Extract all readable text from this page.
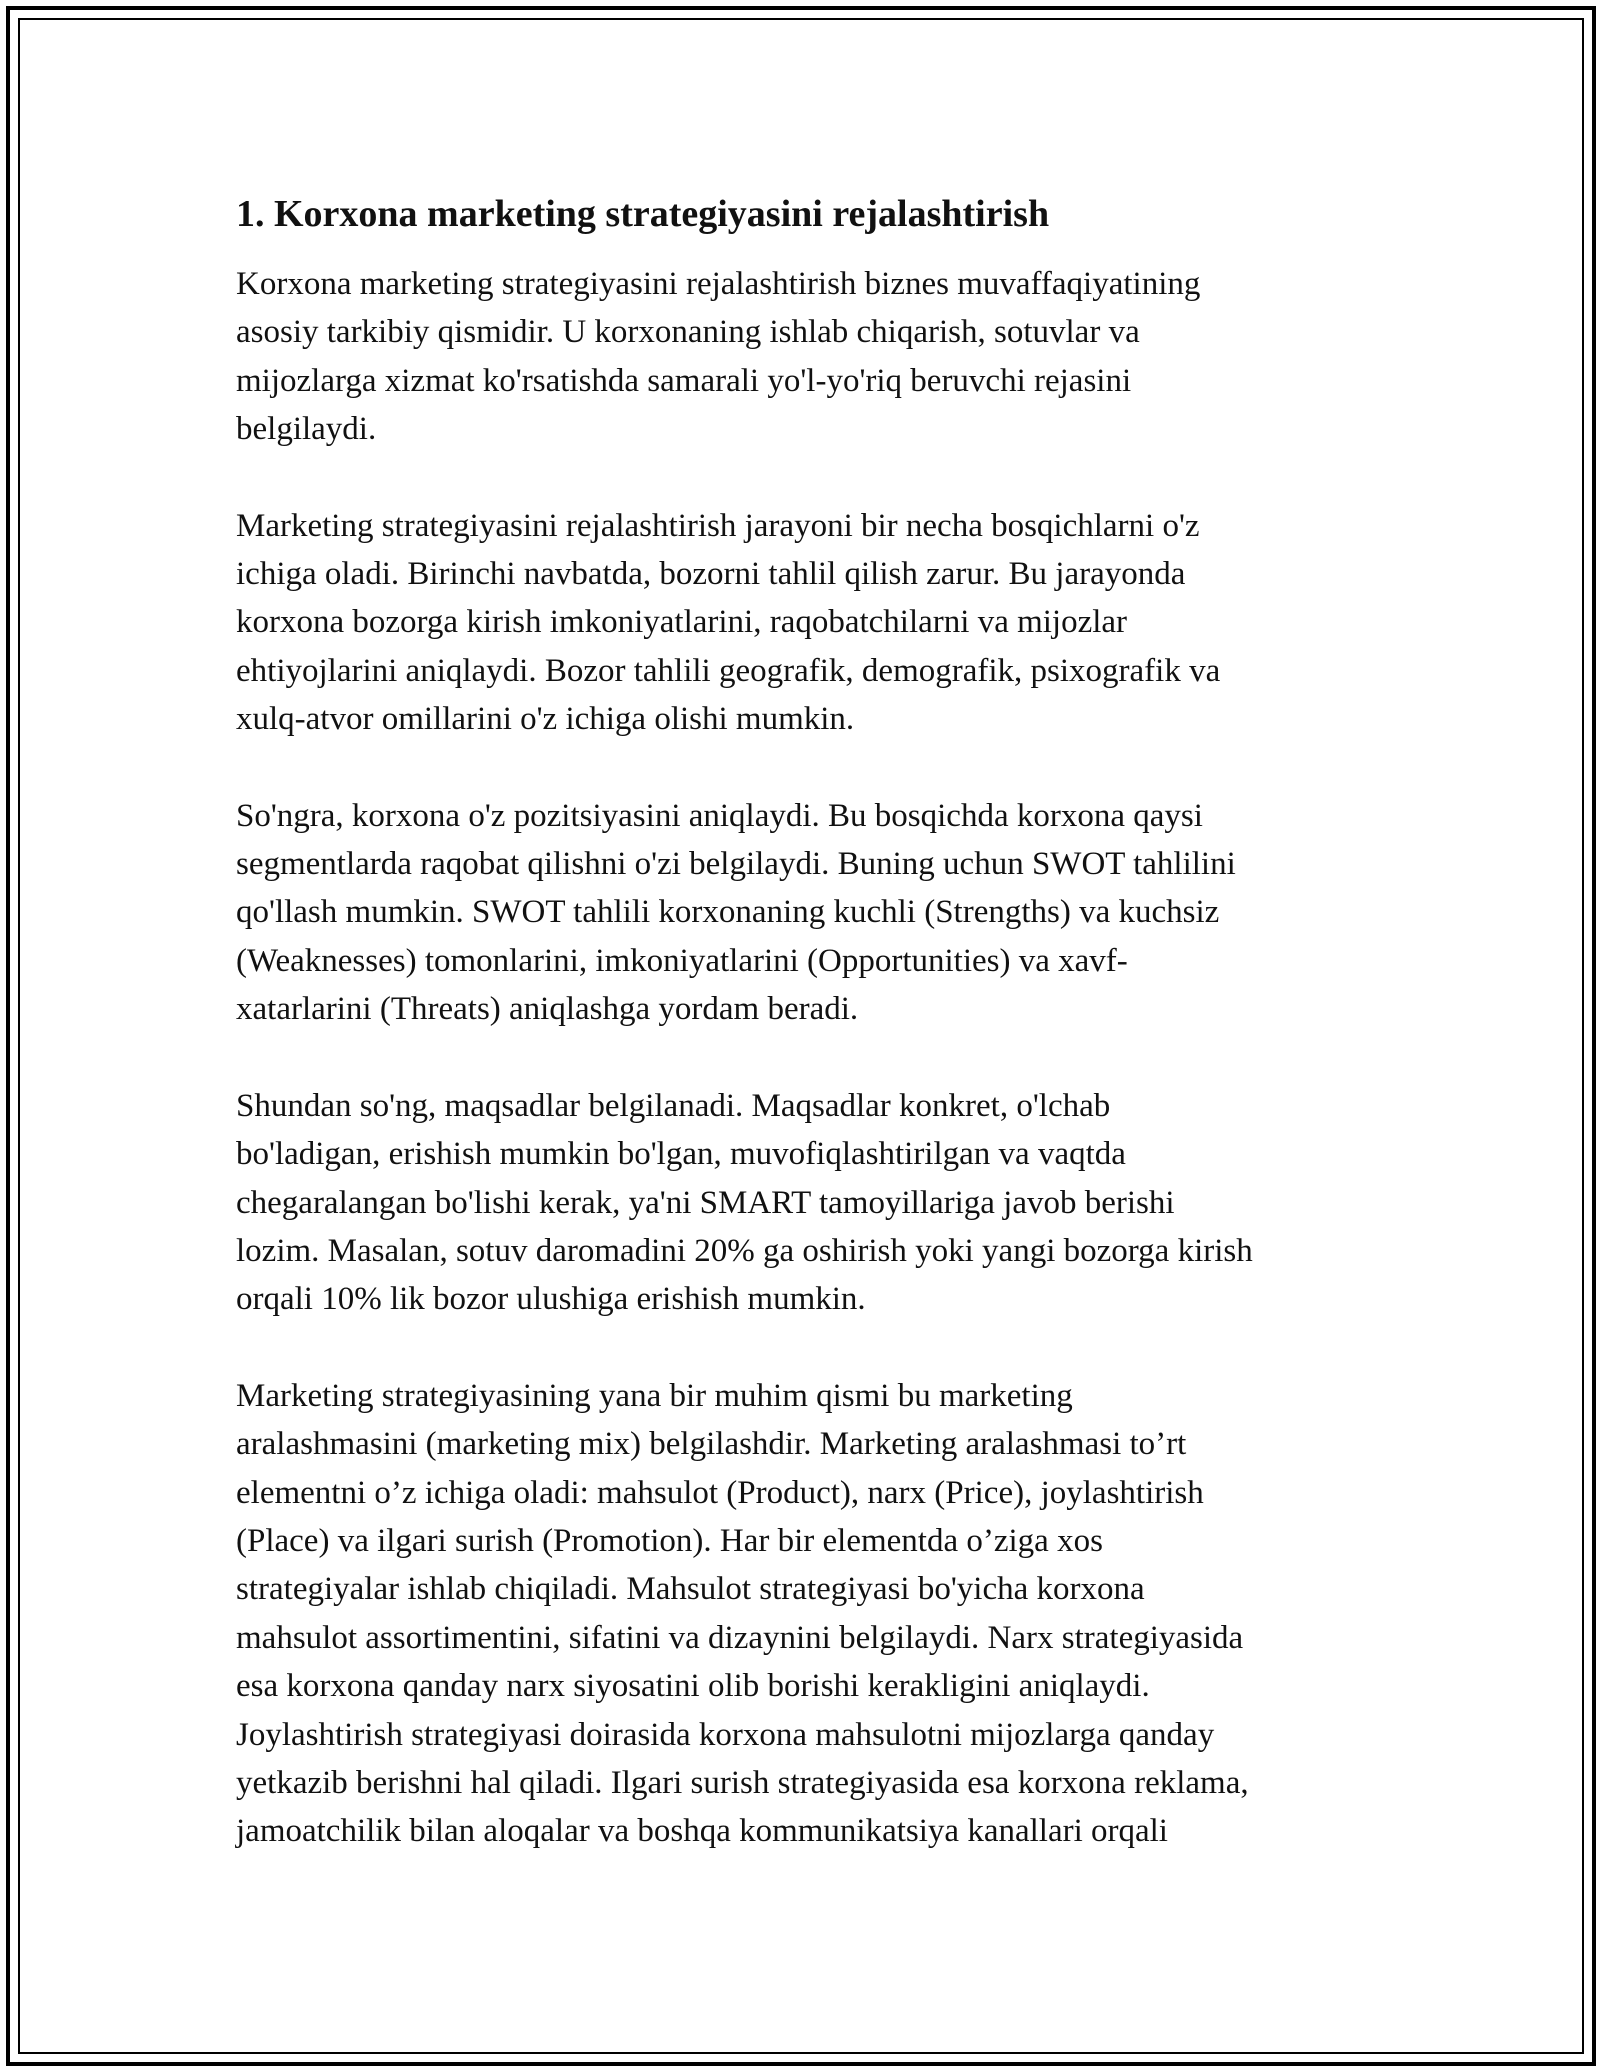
1. Korxona marketing strategiyasini rejalashtirish

Korxona marketing strategiyasini rejalashtirish biznes muvaffaqiyatining
asosiy tarkibiy qismidir. U korxonaning ishlab chiqarish, sotuvlar va
mijozlarga xizmat ko'rsatishda samarali yo'l-yo'riq beruvchi rejasini
belgilaydi.

Marketing strategiyasini rejalashtirish jarayoni bir necha bosqichlarni o'z
ichiga oladi. Birinchi navbatda, bozorni tahlil qilish zarur. Bu jarayonda
korxona bozorga kirish imkoniyatlarini, raqobatchilarni va mijozlar
ehtiyojlarini aniqlaydi. Bozor tahlili geografik, demografik, psixografik va
xulq-atvor omillarini o'z ichiga olishi mumkin.

So'ngra, korxona o'z pozitsiyasini aniqlaydi. Bu bosqichda korxona qaysi
segmentlarda raqobat qilishni o'zi belgilaydi. Buning uchun SWOT tahlilini
qo'llash mumkin. SWOT tahlili korxonaning kuchli (Strengths) va kuchsiz
(Weaknesses) tomonlarini, imkoniyatlarini (Opportunities) va xavf-
xatarlarini (Threats) aniqlashga yordam beradi.

Shundan so'ng, maqsadlar belgilanadi. Maqsadlar konkret, o'lchab
bo'ladigan, erishish mumkin bo'lgan, muvofiqlashtirilgan va vaqtda
chegaralangan bo'lishi kerak, ya'ni SMART tamoyillariga javob berishi
lozim. Masalan, sotuv daromadini 20% ga oshirish yoki yangi bozorga kirish
orqali 10% lik bozor ulushiga erishish mumkin.

Marketing strategiyasining yana bir muhim qismi bu marketing
aralashmasini (marketing mix) belgilashdir. Marketing aralashmasi to’rt
elementni o’z ichiga oladi: mahsulot (Product), narx (Price), joylashtirish
(Place) va ilgari surish (Promotion). Har bir elementda o’ziga xos
strategiyalar ishlab chiqiladi. Mahsulot strategiyasi bo'yicha korxona
mahsulot assortimentini, sifatini va dizaynini belgilaydi. Narx strategiyasida
esa korxona qanday narx siyosatini olib borishi kerakligini aniqlaydi.
Joylashtirish strategiyasi doirasida korxona mahsulotni mijozlarga qanday
yetkazib berishni hal qiladi. Ilgari surish strategiyasida esa korxona reklama,
jamoatchilik bilan aloqalar va boshqa kommunikatsiya kanallari orqali
